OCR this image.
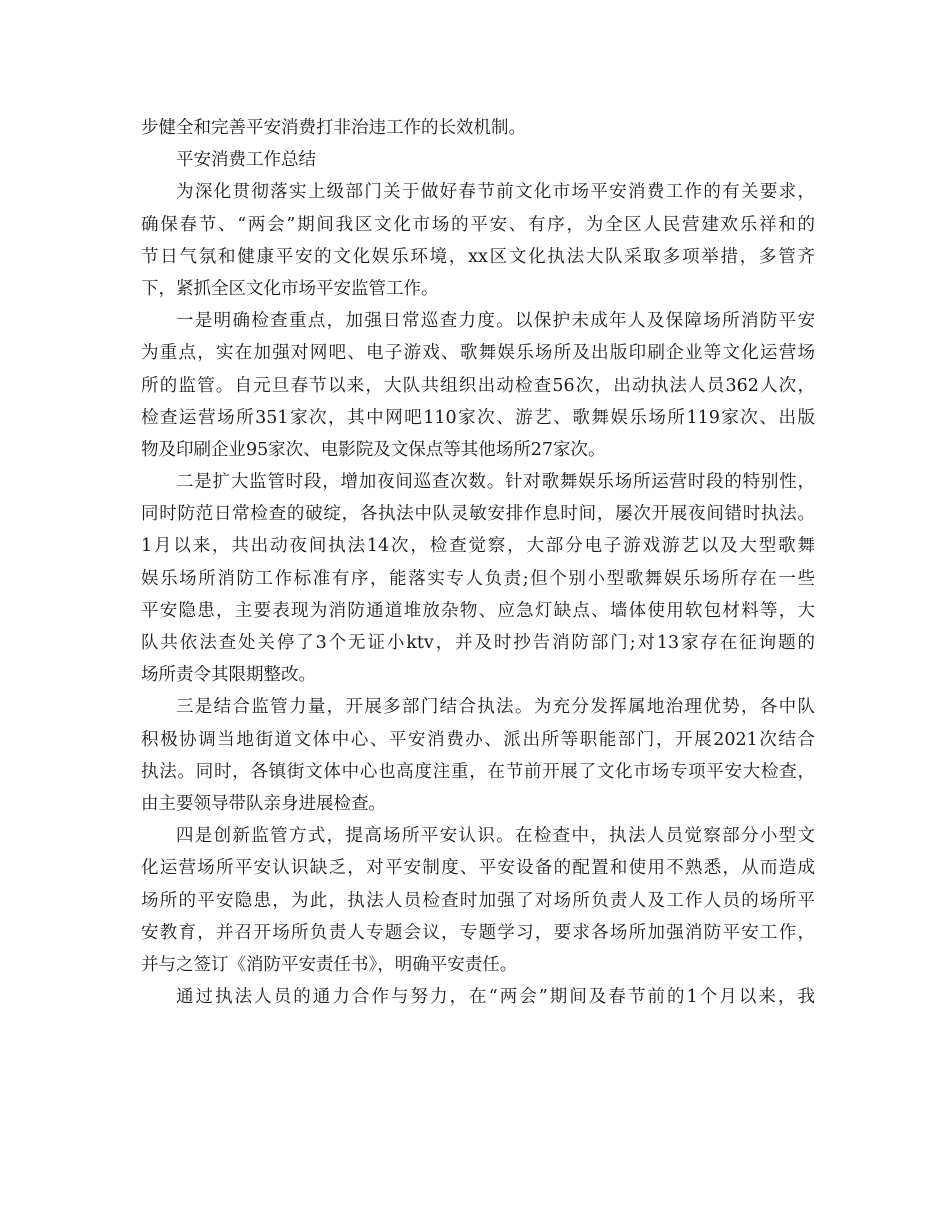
步健全和完善平安消费打非治违工作的长效机制。
平安消费工作总结
为深化贯彻落实上级部门关于做好春节前文化市场平安消费工作的有关要求，
确保春节、“两会”期间我区文化市场的平安、有序，为全区人民营建欢乐祥和的
节日气氛和健康平安的文化娱乐环境，xx区文化执法大队采取多项举措，多管齐
下，紧抓全区文化市场平安监管工作。
一是明确检查重点，加强日常巡查力度。以保护未成年人及保障场所消防平安
为重点，实在加强对网吧、电子游戏、歌舞娱乐场所及出版印刷企业等文化运营场
所的监管。自元旦春节以来，大队共组织出动检查56次，出动执法人员362人次，
检查运营场所351家次，其中网吧110家次、游艺、歌舞娱乐场所119家次、出版
物及印刷企业95家次、电影院及文保点等其他场所27家次。
二是扩大监管时段，增加夜间巡查次数。针对歌舞娱乐场所运营时段的特别性，
同时防范日常检查的破绽，各执法中队灵敏安排作息时间，屡次开展夜间错时执法。
1月以来，共出动夜间执法14次，检查觉察，大部分电子游戏游艺以及大型歌舞
娱乐场所消防工作标准有序，能落实专人负责;但个别小型歌舞娱乐场所存在一些
平安隐患，主要表现为消防通道堆放杂物、应急灯缺点、墙体使用软包材料等，大
队共依法查处关停了3个无证小ktv，并及时抄告消防部门;对13家存在征询题的
场所责令其限期整改。
三是结合监管力量，开展多部门结合执法。为充分发挥属地治理优势，各中队
积极协调当地街道文体中心、平安消费办、派出所等职能部门，开展2021次结合
执法。同时，各镇街文体中心也高度注重，在节前开展了文化市场专项平安大检查，
由主要领导带队亲身进展检查。
四是创新监管方式，提高场所平安认识。在检查中，执法人员觉察部分小型文
化运营场所平安认识缺乏，对平安制度、平安设备的配置和使用不熟悉，从而造成
场所的平安隐患，为此，执法人员检查时加强了对场所负责人及工作人员的场所平
安教育，并召开场所负责人专题会议，专题学习，要求各场所加强消防平安工作，
并与之签订《消防平安责任书》，明确平安责任。
通过执法人员的通力合作与努力，在“两会”期间及春节前的1个月以来，我
